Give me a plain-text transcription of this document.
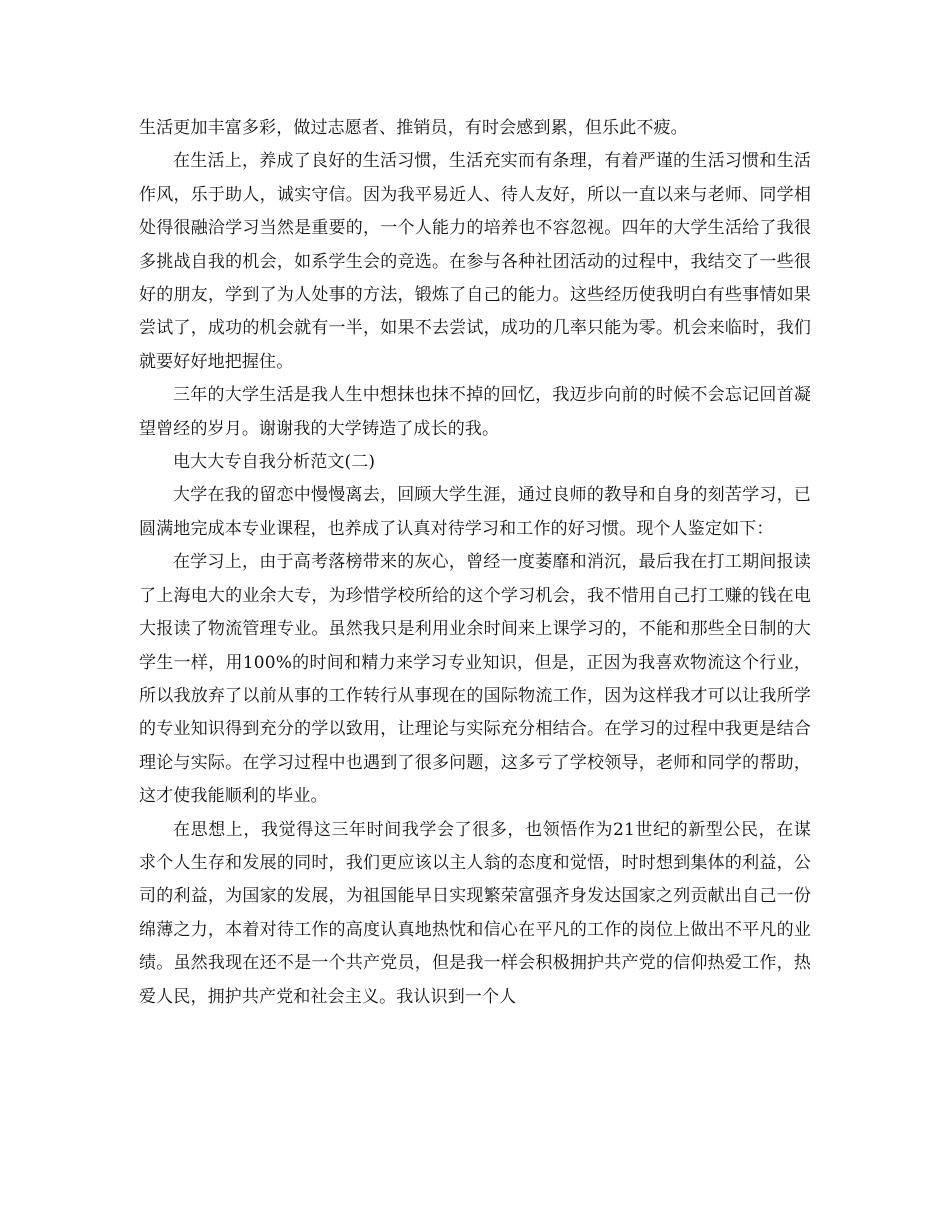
生活更加丰富多彩，做过志愿者、推销员，有时会感到累，但乐此不疲。

在生活上，养成了良好的生活习惯，生活充实而有条理，有着严谨的生活习惯和生活作风，乐于助人，诚实守信。因为我平易近人、待人友好，所以一直以来与老师、同学相处得很融洽学习当然是重要的，一个人能力的培养也不容忽视。四年的大学生活给了我很多挑战自我的机会，如系学生会的竞选。在参与各种社团活动的过程中，我结交了一些很好的朋友，学到了为人处事的方法，锻炼了自己的能力。这些经历使我明白有些事情如果尝试了，成功的机会就有一半，如果不去尝试，成功的几率只能为零。机会来临时，我们就要好好地把握住。

三年的大学生活是我人生中想抹也抹不掉的回忆，我迈步向前的时候不会忘记回首凝望曾经的岁月。谢谢我的大学铸造了成长的我。

电大大专自我分析范文(二)

大学在我的留恋中慢慢离去，回顾大学生涯，通过良师的教导和自身的刻苦学习，已圆满地完成本专业课程，也养成了认真对待学习和工作的好习惯。现个人鉴定如下：

在学习上，由于高考落榜带来的灰心，曾经一度萎靡和消沉，最后我在打工期间报读了上海电大的业余大专，为珍惜学校所给的这个学习机会，我不惜用自己打工赚的钱在电大报读了物流管理专业。虽然我只是利用业余时间来上课学习的，不能和那些全日制的大学生一样，用100%的时间和精力来学习专业知识，但是，正因为我喜欢物流这个行业，所以我放弃了以前从事的工作转行从事现在的国际物流工作，因为这样我才可以让我所学的专业知识得到充分的学以致用，让理论与实际充分相结合。在学习的过程中我更是结合理论与实际。在学习过程中也遇到了很多问题，这多亏了学校领导，老师和同学的帮助，这才使我能顺利的毕业。

在思想上，我觉得这三年时间我学会了很多，也领悟作为21世纪的新型公民，在谋求个人生存和发展的同时，我们更应该以主人翁的态度和觉悟，时时想到集体的利益，公司的利益，为国家的发展，为祖国能早日实现繁荣富强齐身发达国家之列贡献出自己一份绵薄之力，本着对待工作的高度认真地热忱和信心在平凡的工作的岗位上做出不平凡的业绩。虽然我现在还不是一个共产党员，但是我一样会积极拥护共产党的信仰热爱工作，热爱人民，拥护共产党和社会主义。我认识到一个人
